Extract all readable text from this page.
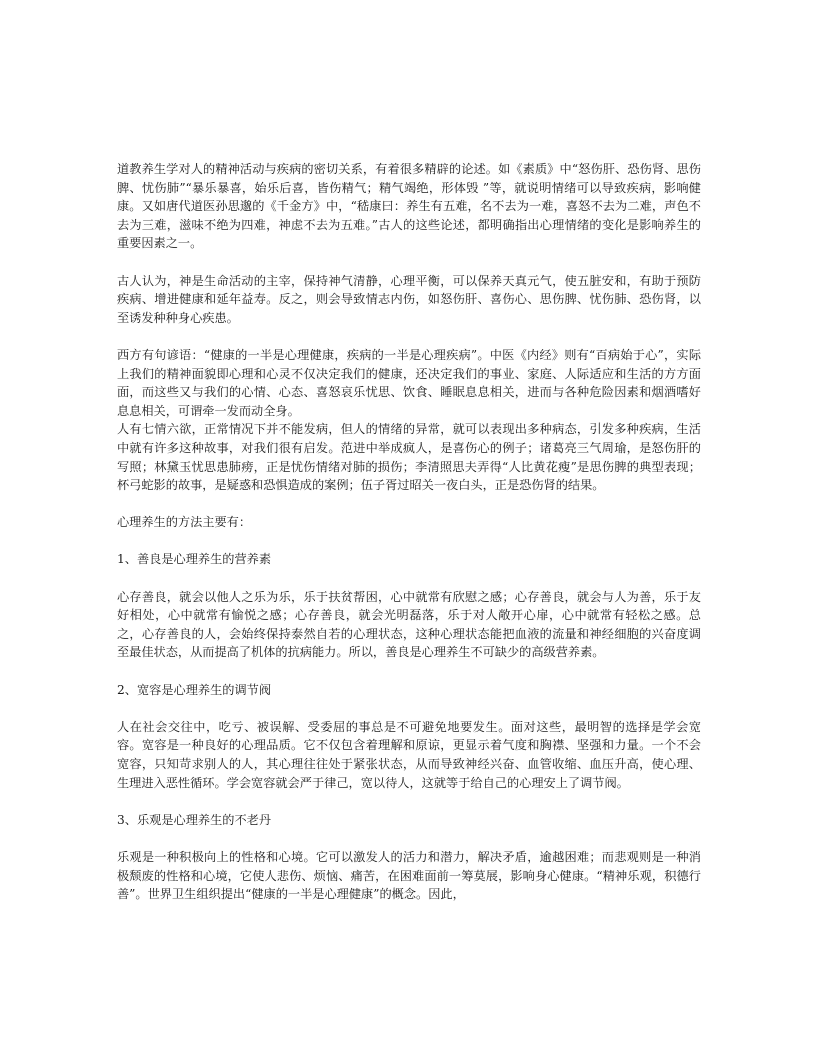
道教养生学对人的精神活动与疾病的密切关系，有着很多精辟的论述。如《素质》中“怒伤肝、恐伤肾、思伤脾、忧伤肺”“暴乐暴喜，始乐后喜，皆伤精气；精气竭绝，形体毁 ”等，就说明情绪可以导致疾病，影响健康。又如唐代道医孙思邈的《千金方》中，“嵇康曰：养生有五难，名不去为一难，喜怒不去为二难，声色不去为三难，滋味不绝为四难，神虑不去为五难。”古人的这些论述，都明确指出心理情绪的变化是影响养生的重要因素之一。

古人认为，神是生命活动的主宰，保持神气清静，心理平衡，可以保养天真元气，使五脏安和，有助于预防疾病、增进健康和延年益寿。反之，则会导致情志内伤，如怒伤肝、喜伤心、思伤脾、忧伤肺、恐伤肾，以至诱发种种身心疾患。

西方有句谚语：“健康的一半是心理健康，疾病的一半是心理疾病”。中医《内经》则有“百病始于心”，实际上我们的精神面貌即心理和心灵不仅决定我们的健康，还决定我们的事业、家庭、人际适应和生活的方方面面，而这些又与我们的心情、心态、喜怒哀乐忧思、饮食、睡眠息息相关，进而与各种危险因素和烟酒嗜好息息相关，可谓牵一发而动全身。

人有七情六欲，正常情况下并不能发病，但人的情绪的异常，就可以表现出多种病态，引发多种疾病，生活中就有许多这种故事，对我们很有启发。范进中举成疯人，是喜伤心的例子；诸葛亮三气周瑜，是怒伤肝的写照；林黛玉忧思患肺痨，正是忧伤情绪对肺的损伤；李清照思夫弄得“人比黄花瘦”是思伤脾的典型表现；杯弓蛇影的故事，是疑惑和恐惧造成的案例；伍子胥过昭关一夜白头，正是恐伤肾的结果。

心理养生的方法主要有：

1、善良是心理养生的营养素

心存善良，就会以他人之乐为乐，乐于扶贫帮困，心中就常有欣慰之感；心存善良，就会与人为善，乐于友好相处，心中就常有愉悦之感；心存善良，就会光明磊落，乐于对人敞开心扉，心中就常有轻松之感。总之，心存善良的人，会始终保持泰然自若的心理状态，这种心理状态能把血液的流量和神经细胞的兴奋度调至最佳状态，从而提高了机体的抗病能力。所以，善良是心理养生不可缺少的高级营养素。

2、宽容是心理养生的调节阀

人在社会交往中，吃亏、被误解、受委屈的事总是不可避免地要发生。面对这些，最明智的选择是学会宽容。宽容是一种良好的心理品质。它不仅包含着理解和原谅，更显示着气度和胸襟、坚强和力量。一个不会宽容，只知苛求别人的人，其心理往往处于紧张状态，从而导致神经兴奋、血管收缩、血压升高，使心理、生理进入恶性循环。学会宽容就会严于律己，宽以待人，这就等于给自己的心理安上了调节阀。

3、乐观是心理养生的不老丹

乐观是一种积极向上的性格和心境。它可以激发人的活力和潜力，解决矛盾，逾越困难；而悲观则是一种消极颓废的性格和心境，它使人悲伤、烦恼、痛苦，在困难面前一筹莫展，影响身心健康。“精神乐观，积德行善”。世界卫生组织提出“健康的一半是心理健康”的概念。因此，
